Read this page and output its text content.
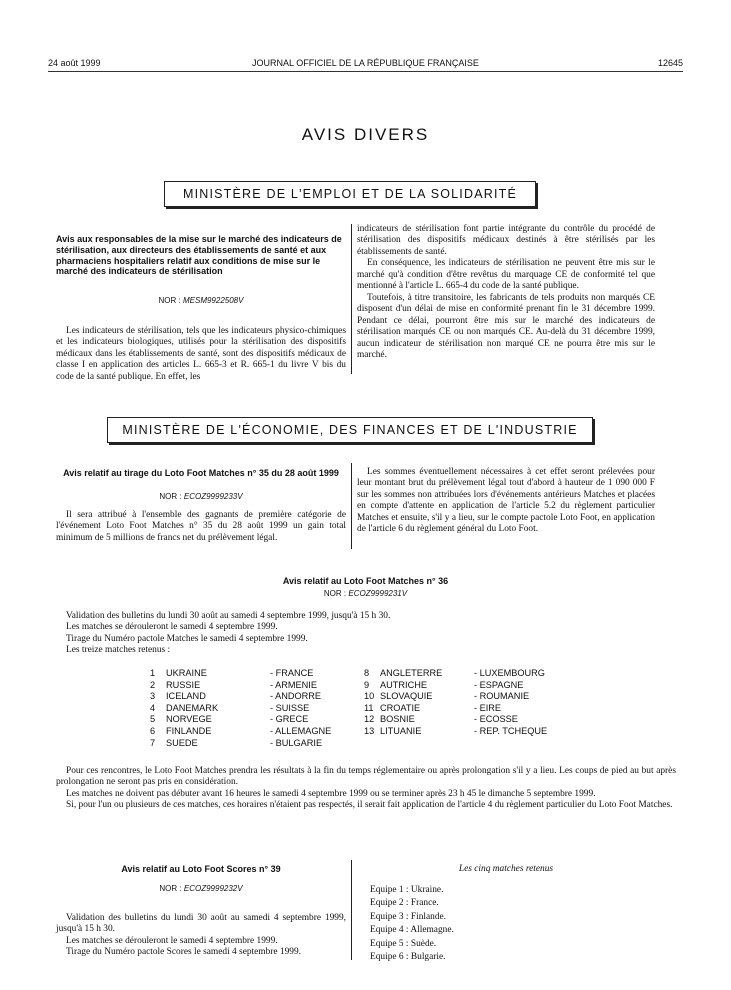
24 août 1999	JOURNAL OFFICIEL DE LA RÉPUBLIQUE FRANÇAISE	12645
AVIS DIVERS
MINISTÈRE DE L'EMPLOI ET DE LA SOLIDARITÉ
Avis aux responsables de la mise sur le marché des indicateurs de stérilisation, aux directeurs des établissements de santé et aux pharmaciens hospitaliers relatif aux conditions de mise sur le marché des indicateurs de stérilisation
NOR : MESM9922508V

Les indicateurs de stérilisation, tels que les indicateurs physico-chimiques et les indicateurs biologiques, utilisés pour la stérilisation des dispositifs médicaux dans les établissements de santé, sont des dispositifs médicaux de classe I en application des articles L. 665-3 et R. 665-1 du livre V bis du code de la santé publique. En effet, les

indicateurs de stérilisation font partie intégrante du contrôle du procédé de stérilisation des dispositifs médicaux destinés à être stérilisés par les établissements de santé.

En conséquence, les indicateurs de stérilisation ne peuvent être mis sur le marché qu'à condition d'être revêtus du marquage CE de conformité tel que mentionné à l'article L. 665-4 du code de la santé publique.

Toutefois, à titre transitoire, les fabricants de tels produits non marqués CE disposent d'un délai de mise en conformité prenant fin le 31 décembre 1999. Pendant ce délai, pourront être mis sur le marché des indicateurs de stérilisation marqués CE ou non marqués CE. Au-delà du 31 décembre 1999, aucun indicateur de stérilisation non marqué CE ne pourra être mis sur le marché.

MINISTÈRE DE L'ÉCONOMIE, DES FINANCES ET DE L'INDUSTRIE
Avis relatif au tirage du Loto Foot Matches n° 35 du 28 août 1999
NOR : ECOZ9999233V

Il sera attribué à l'ensemble des gagnants de première catégorie de l'événement Loto Foot Matches n° 35 du 28 août 1999 un gain total minimum de 5 millions de francs net du prélèvement légal.

Les sommes éventuellement nécessaires à cet effet seront prélevées pour leur montant brut du prélèvement légal tout d'abord à hauteur de 1 090 000 F sur les sommes non attribuées lors d'événements antérieurs Matches et placées en compte d'attente en application de l'article 5.2 du règlement particulier Matches et ensuite, s'il y a lieu, sur le compte pactole Loto Foot, en application de l'article 6 du règlement général du Loto Foot.

Avis relatif au Loto Foot Matches n° 36
NOR : ECOZ9999231V
Validation des bulletins du lundi 30 août au samedi 4 septembre 1999, jusqu'à 15 h 30.
Les matches se dérouleront le samedi 4 septembre 1999.
Tirage du Numéro pactole Matches le samedi 4 septembre 1999.
Les treize matches retenus :
1 UKRAINE	- FRANCE
2 RUSSIE	- ARMENIE
3 ICELAND	- ANDORRE
4 DANEMARK	- SUISSE
5 NORVEGE	- GRECE
6 FINLANDE	- ALLEMAGNE
7 SUEDE	- BULGARIE
8 ANGLETERRE	- LUXEMBOURG
9 AUTRICHE	- ESPAGNE
10 SLOVAQUIE	- ROUMANIE
11 CROATIE	- EIRE
12 BOSNIE	- ECOSSE
13 LITUANIE	- REP. TCHEQUE

Pour ces rencontres, le Loto Foot Matches prendra les résultats à la fin du temps réglementaire ou après prolongation s'il y a lieu. Les coups de pied au but après prolongation ne seront pas pris en considération.

Les matches ne doivent pas débuter avant 16 heures le samedi 4 septembre 1999 ou se terminer après 23 h 45 le dimanche 5 septembre 1999.

Si, pour l'un ou plusieurs de ces matches, ces horaires n'étaient pas respectés, il serait fait application de l'article 4 du règlement particulier du Loto Foot Matches.

Avis relatif au Loto Foot Scores n° 39
NOR : ECOZ9999232V

Validation des bulletins du lundi 30 août au samedi 4 septembre 1999, jusqu'à 15 h 30.

Les matches se dérouleront le samedi 4 septembre 1999.

Tirage du Numéro pactole Scores le samedi 4 septembre 1999.

Les cinq matches retenus
Equipe 1 : Ukraine.
Equipe 2 : France.
Equipe 3 : Finlande.
Equipe 4 : Allemagne.
Equipe 5 : Suède.
Equipe 6 : Bulgarie.
